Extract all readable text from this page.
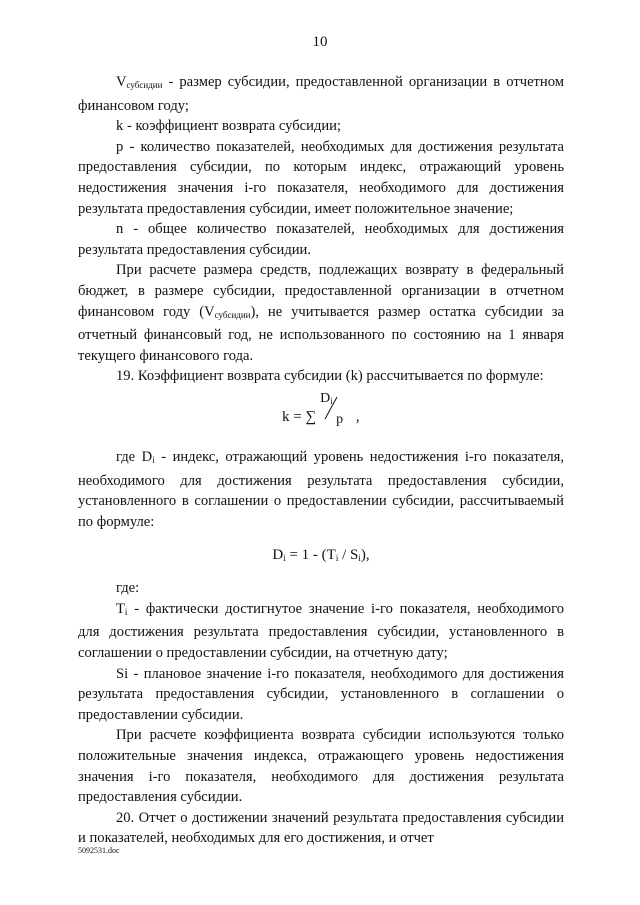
10

$V_{субсидии}$ - размер субсидии, предоставленной организации в отчетном финансовом году;

k - коэффициент возврата субсидии;

p - количество показателей, необходимых для достижения результата предоставления субсидии, по которым индекс, отражающий уровень недостижения значения i-го показателя, необходимого для достижения результата предоставления субсидии, имеет положительное значение;

n - общее количество показателей, необходимых для достижения результата предоставления субсидии.

При расчете размера средств, подлежащих возврату в федеральный бюджет, в размере субсидии, предоставленной организации в отчетном финансовом году $(V_{субсидии})$, не учитывается размер остатка субсидии за отчетный финансовый год, не использованного по состоянию на 1 января текущего финансового года.

19. Коэффициент возврата субсидии (k) рассчитывается по формуле:

k = ∑
$D_i$
p ,

где $D_i$ - индекс, отражающий уровень недостижения i-го показателя, необходимого для достижения результата предоставления субсидии, установленного в соглашении о предоставлении субсидии, рассчитываемый по формуле:

$D_i = 1 - (T_i / S_i)$,

где:

$T_i$ - фактически достигнутое значение i-го показателя, необходимого для достижения результата предоставления субсидии, установленного в соглашении о предоставлении субсидии, на отчетную дату;

Si - плановое значение i-го показателя, необходимого для достижения результата предоставления субсидии, установленного в соглашении о предоставлении субсидии.

При расчете коэффициента возврата субсидии используются только положительные значения индекса, отражающего уровень недостижения значения i-го показателя, необходимого для достижения результата предоставления субсидии.

20. Отчет о достижении значений результата предоставления субсидии и показателей, необходимых для его достижения, и отчет

5092531.doc
